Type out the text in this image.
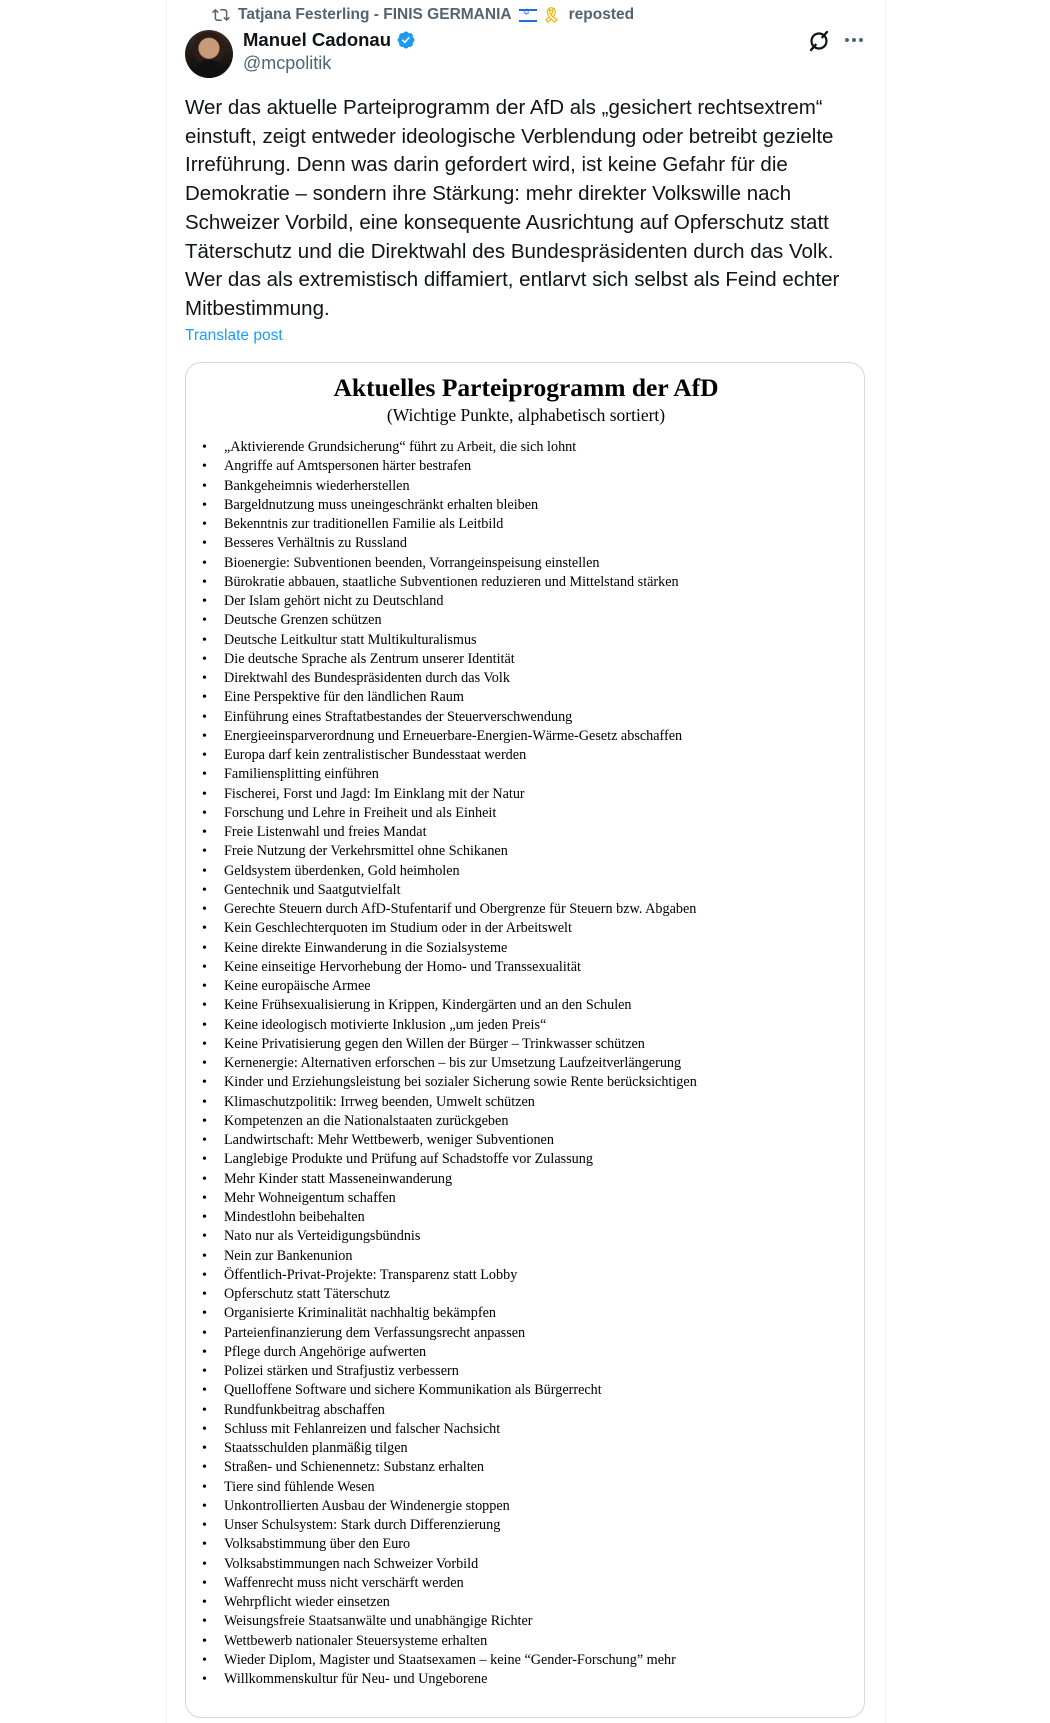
Tatjana Festerling - FINIS GERMANIA
✡ 🎗 reposted
Manuel Cadonau
@mcpolitik
Wer das aktuelle Parteiprogramm der AfD als „gesichert rechtsextrem“ einstuft, zeigt entweder ideologische Verblendung oder betreibt gezielte Irreführung. Denn was darin gefordert wird, ist keine Gefahr für die Demokratie – sondern ihre Stärkung: mehr direkter Volkswille nach Schweizer Vorbild, eine konsequente Ausrichtung auf Opferschutz statt Täterschutz und die Direktwahl des Bundespräsidenten durch das Volk. Wer das als extremistisch diffamiert, entlarvt sich selbst als Feind echter Mitbestimmung.
Translate post
Aktuelles Parteiprogramm der AfD
(Wichtige Punkte, alphabetisch sortiert)
• „Aktivierende Grundsicherung“ führt zu Arbeit, die sich lohnt
• Angriffe auf Amtspersonen härter bestrafen
• Bankgeheimnis wiederherstellen
• Bargeldnutzung muss uneingeschränkt erhalten bleiben
• Bekenntnis zur traditionellen Familie als Leitbild
• Besseres Verhältnis zu Russland
• Bioenergie: Subventionen beenden, Vorrangeinspeisung einstellen
• Bürokratie abbauen, staatliche Subventionen reduzieren und Mittelstand stärken
• Der Islam gehört nicht zu Deutschland
• Deutsche Grenzen schützen
• Deutsche Leitkultur statt Multikulturalismus
• Die deutsche Sprache als Zentrum unserer Identität
• Direktwahl des Bundespräsidenten durch das Volk
• Eine Perspektive für den ländlichen Raum
• Einführung eines Straftatbestandes der Steuerverschwendung
• Energieeinsparverordnung und Erneuerbare-Energien-Wärme-Gesetz abschaffen
• Europa darf kein zentralistischer Bundesstaat werden
• Familiensplitting einführen
• Fischerei, Forst und Jagd: Im Einklang mit der Natur
• Forschung und Lehre in Freiheit und als Einheit
• Freie Listenwahl und freies Mandat
• Freie Nutzung der Verkehrsmittel ohne Schikanen
• Geldsystem überdenken, Gold heimholen
• Gentechnik und Saatgutvielfalt
• Gerechte Steuern durch AfD-Stufentarif und Obergrenze für Steuern bzw. Abgaben
• Kein Geschlechterquoten im Studium oder in der Arbeitswelt
• Keine direkte Einwanderung in die Sozialsysteme
• Keine einseitige Hervorhebung der Homo- und Transsexualität
• Keine europäische Armee
• Keine Frühsexualisierung in Krippen, Kindergärten und an den Schulen
• Keine ideologisch motivierte Inklusion „um jeden Preis“
• Keine Privatisierung gegen den Willen der Bürger – Trinkwasser schützen
• Kernenergie: Alternativen erforschen – bis zur Umsetzung Laufzeitverlängerung
• Kinder und Erziehungsleistung bei sozialer Sicherung sowie Rente berücksichtigen
• Klimaschutzpolitik: Irrweg beenden, Umwelt schützen
• Kompetenzen an die Nationalstaaten zurückgeben
• Landwirtschaft: Mehr Wettbewerb, weniger Subventionen
• Langlebige Produkte und Prüfung auf Schadstoffe vor Zulassung
• Mehr Kinder statt Masseneinwanderung
• Mehr Wohneigentum schaffen
• Mindestlohn beibehalten
• Nato nur als Verteidigungsbündnis
• Nein zur Bankenunion
• Öffentlich-Privat-Projekte: Transparenz statt Lobby
• Opferschutz statt Täterschutz
• Organisierte Kriminalität nachhaltig bekämpfen
• Parteienfinanzierung dem Verfassungsrecht anpassen
• Pflege durch Angehörige aufwerten
• Polizei stärken und Strafjustiz verbessern
• Quelloffene Software und sichere Kommunikation als Bürgerrecht
• Rundfunkbeitrag abschaffen
• Schluss mit Fehlanreizen und falscher Nachsicht
• Staatsschulden planmäßig tilgen
• Straßen- und Schienennetz: Substanz erhalten
• Tiere sind fühlende Wesen
• Unkontrollierten Ausbau der Windenergie stoppen
• Unser Schulsystem: Stark durch Differenzierung
• Volksabstimmung über den Euro
• Volksabstimmungen nach Schweizer Vorbild
• Waffenrecht muss nicht verschärft werden
• Wehrpflicht wieder einsetzen
• Weisungsfreie Staatsanwälte und unabhängige Richter
• Wettbewerb nationaler Steuersysteme erhalten
• Wieder Diplom, Magister und Staatsexamen – keine “Gender-Forschung” mehr
• Willkommenskultur für Neu- und Ungeborene
